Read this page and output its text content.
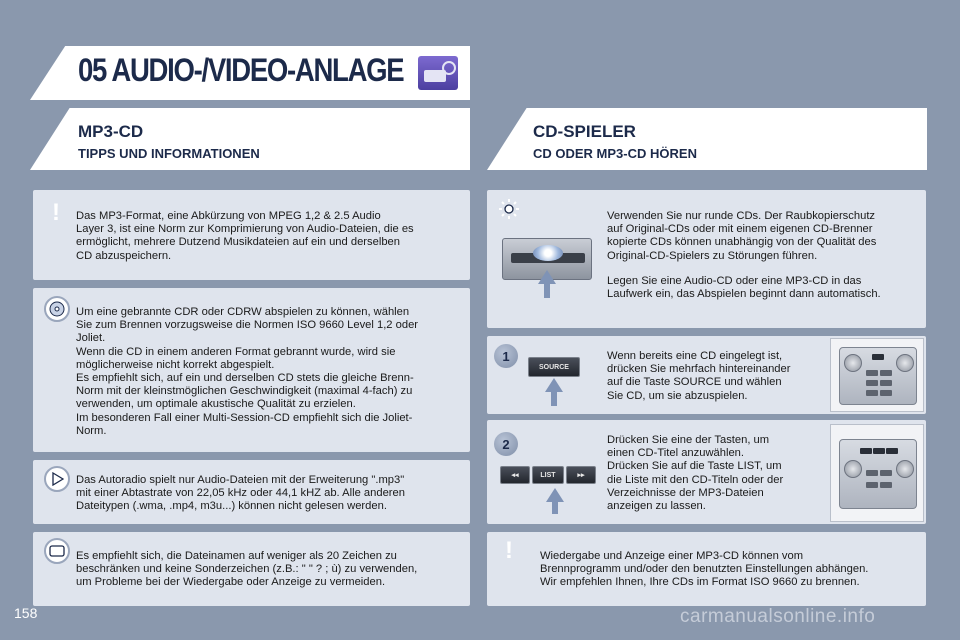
05 AUDIO-/VIDEO-ANLAGE
MP3-CD
TIPPS UND INFORMATIONEN
CD-SPIELER
CD ODER MP3-CD HÖREN
!	Das MP3-Format, eine Abkürzung von MPEG 1,2 & 2.5 Audio

Layer 3, ist eine Norm zur Komprimierung von Audio-Dateien, die es

ermöglicht, mehrere Dutzend Musikdateien auf ein und derselben

CD abzuspeichern.

Um eine gebrannte CDR oder CDRW abspielen zu können, wählen

Sie zum Brennen vorzugsweise die Normen ISO 9660 Level 1,2 oder

Joliet.

Wenn die CD in einem anderen Format gebrannt wurde, wird sie

möglicherweise nicht korrekt abgespielt.

Es empfiehlt sich, auf ein und derselben CD stets die gleiche Brenn-

Norm mit der kleinstmöglichen Geschwindigkeit (maximal 4-fach) zu

verwenden, um optimale akustische Qualität zu erzielen.

Im besonderen Fall einer Multi-Session-CD empfiehlt sich die Joliet-

Norm.

Das Autoradio spielt nur Audio-Dateien mit der Erweiterung ".mp3"

mit einer Abtastrate von 22,05 kHz oder 44,1 kHZ ab. Alle anderen

Dateitypen (.wma, .mp4, m3u...) können nicht gelesen werden.

Es empfiehlt sich, die Dateinamen auf weniger als 20 Zeichen zu

beschränken und keine Sonderzeichen (z.B.: " " ? ; ù) zu verwenden,

um Probleme bei der Wiedergabe oder Anzeige zu vermeiden.

Verwenden Sie nur runde CDs. Der Raubkopierschutz

auf Original-CDs oder mit einem eigenen CD-Brenner

kopierte CDs können unabhängig von der Qualität des

Original-CD-Spielers zu Störungen führen.

Legen Sie eine Audio-CD oder eine MP3-CD in das

Laufwerk ein, das Abspielen beginnt dann automatisch.

1
SOURCE

Wenn bereits eine CD eingelegt ist,

drücken Sie mehrfach hintereinander

auf die Taste SOURCE und wählen

Sie CD, um sie abzuspielen.

2
◂◂	LIST	▸▸

Drücken Sie eine der Tasten, um

einen CD-Titel anzuwählen.

Drücken Sie auf die Taste LIST, um

die Liste mit den CD-Titeln oder der

Verzeichnisse der MP3-Dateien

anzeigen zu lassen.

!	Wiedergabe und Anzeige einer MP3-CD können vom

Brennprogramm und/oder den benutzten Einstellungen abhängen.

Wir empfehlen Ihnen, Ihre CDs im Format ISO 9660 zu brennen.

158	carmanualsonline.info
